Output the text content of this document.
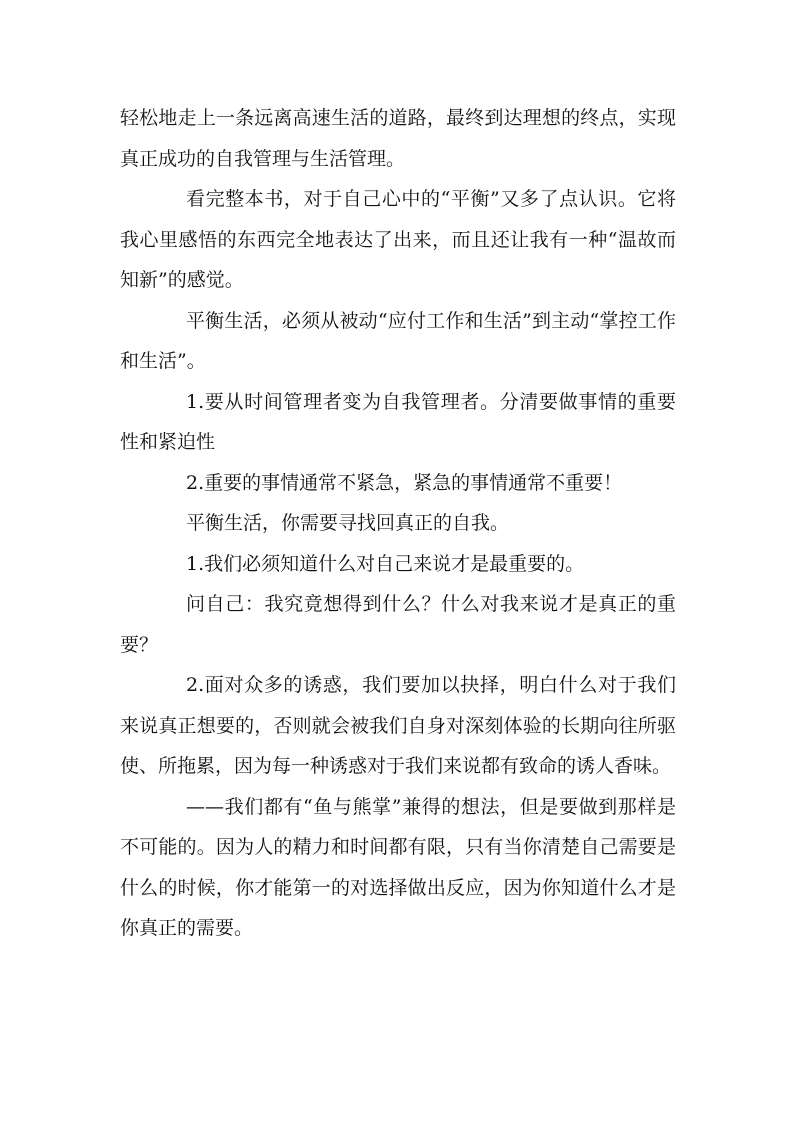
轻松地走上一条远离高速生活的道路，最终到达理想的终点，实现真正成功的自我管理与生活管理。

看完整本书，对于自己心中的“平衡”又多了点认识。它将我心里感悟的东西完全地表达了出来，而且还让我有一种“温故而知新”的感觉。

平衡生活，必须从被动“应付工作和生活”到主动“掌控工作和生活”。

1.要从时间管理者变为自我管理者。分清要做事情的重要性和紧迫性

2.重要的事情通常不紧急，紧急的事情通常不重要！

平衡生活，你需要寻找回真正的自我。

1.我们必须知道什么对自己来说才是最重要的。

问自己：我究竟想得到什么？什么对我来说才是真正的重要？

2.面对众多的诱惑，我们要加以抉择，明白什么对于我们来说真正想要的，否则就会被我们自身对深刻体验的长期向往所驱使、所拖累，因为每一种诱惑对于我们来说都有致命的诱人香味。

——我们都有“鱼与熊掌”兼得的想法，但是要做到那样是不可能的。因为人的精力和时间都有限，只有当你清楚自己需要是什么的时候，你才能第一的对选择做出反应，因为你知道什么才是你真正的需要。
